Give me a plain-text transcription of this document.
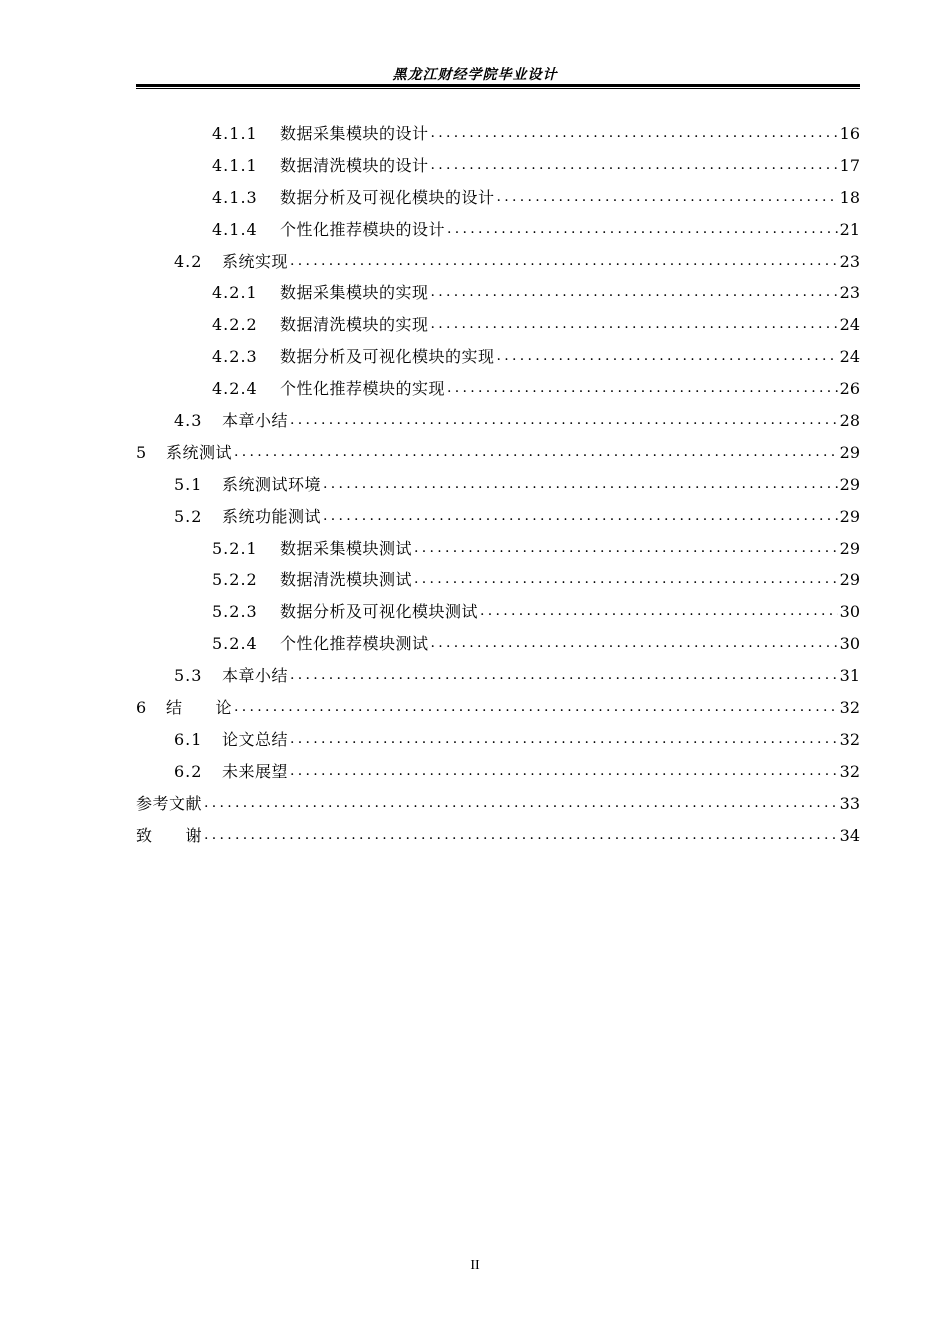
黑龙江财经学院毕业设计
4.1.1	数据采集模块的设计 .....	16
4.1.1	数据清洗模块的设计 .....	17
4.1.3	数据分析及可视化模块的设计 .....	18
4.1.4	个性化推荐模块的设计 .....	21
4.2	系统实现 .....	23
4.2.1	数据采集模块的实现 .....	23
4.2.2	数据清洗模块的实现 .....	24
4.2.3	数据分析及可视化模块的实现 .....	24
4.2.4	个性化推荐模块的实现 .....	26
4.3	本章小结 .....	28
5	系统测试 .....	29
5.1	系统测试环境 .....	29
5.2	系统功能测试 .....	29
5.2.1	数据采集模块测试 .....	29
5.2.2	数据清洗模块测试 .....	29
5.2.3	数据分析及可视化模块测试 .....	30
5.2.4	个性化推荐模块测试 .....	30
5.3	本章小结 .....	31
6	结　　论 .....	32
6.1	论文总结 .....	32
6.2	未来展望 .....	32
参考文献 .....	33
致　　谢 .....	34
II
